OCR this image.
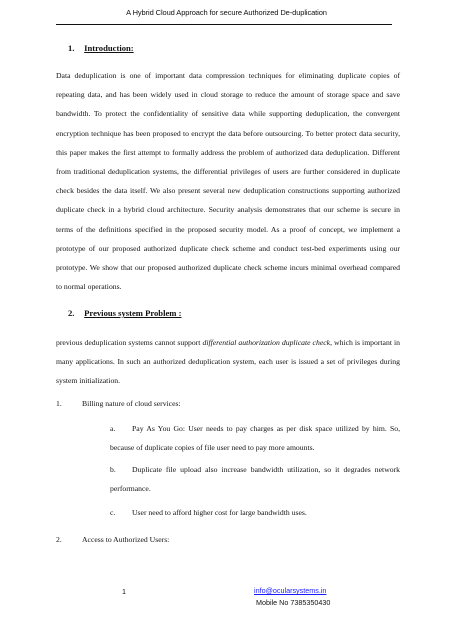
A Hybrid Cloud Approach for secure Authorized De-duplication
1. Introduction:

Data deduplication is one of important data compression techniques for eliminating duplicate copies of repeating data, and has been widely used in cloud storage to reduce the amount of storage space and save bandwidth. To protect the confidentiality of sensitive data while supporting deduplication, the convergent encryption technique has been proposed to encrypt the data before outsourcing. To better protect data security, this paper makes the first attempt to formally address the problem of authorized data deduplication. Different from traditional deduplication systems, the differential privileges of users are further considered in duplicate check besides the data itself. We also present several new deduplication constructions supporting authorized duplicate check in a hybrid cloud architecture. Security analysis demonstrates that our scheme is secure in terms of the definitions specified in the proposed security model. As a proof of concept, we implement a prototype of our proposed authorized duplicate check scheme and conduct test-bed experiments using our prototype. We show that our proposed authorized duplicate check scheme incurs minimal overhead compared to normal operations.

2. Previous system Problem :

previous deduplication systems cannot support differential authorization duplicate check, which is important in many applications. In such an authorized deduplication system, each user is issued a set of privileges during system initialization.

1.	Billing nature of cloud services:

a. Pay As You Go: User needs to pay charges as per disk space utilized by him. So, because of duplicate copies of file user need to pay more amounts.

b. Duplicate file upload also increase bandwidth utilization, so it degrades network performance.

c. User need to afford higher cost for large bandwidth uses.

2.	Access to Authorized Users:

1	info@ocularsystems.in
Mobile No 7385350430
